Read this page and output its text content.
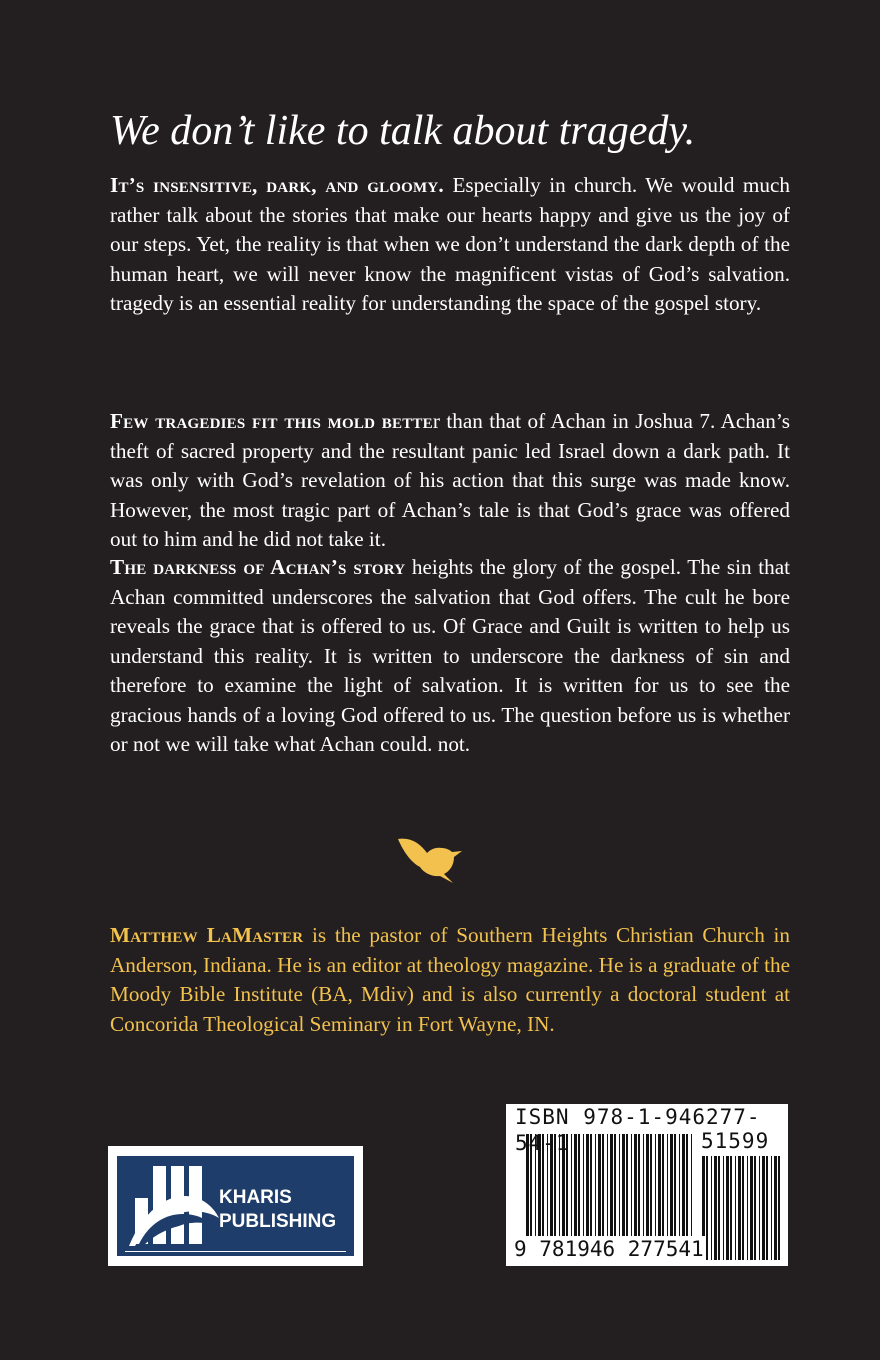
We don’t like to talk about tragedy.

It’s insensitive, dark, and gloomy. Especially in church. We would much rather talk about the stories that make our hearts happy and give us the joy of our steps. Yet, the reality is that when we don’t understand the dark depth of the human heart, we will never know the magnificent vistas of God’s salvation. tragedy is an essential reality for understanding the space of the gospel story.

Few tragedies fit this mold better than that of Achan in Joshua 7. Achan’s theft of sacred property and the resultant panic led Israel down a dark path. It was only with God’s revelation of his action that this surge was made know. However, the most tragic part of Achan’s tale is that God’s grace was offered out to him and he did not take it.

The darkness of Achan’s story heights the glory of the gospel. The sin that Achan committed underscores the salvation that God offers. The cult he bore reveals the grace that is offered to us. Of Grace and Guilt is written to help us understand this reality. It is written to underscore the darkness of sin and therefore to examine the light of salvation. It is written for us to see the gracious hands of a loving God offered to us. The question before us is whether or not we will take what Achan could. not.

Matthew LaMaster is the pastor of Southern Heights Christian Church in Anderson, Indiana. He is an editor at theology magazine. He is a graduate of the Moody Bible Institute (BA, Mdiv) and is also currently a doctoral student at Concorida Theological Seminary in Fort Wayne, IN.

KHARIS
PUBLISHING
ISBN 978-1-946277-54-1	51599
9 781946 277541
